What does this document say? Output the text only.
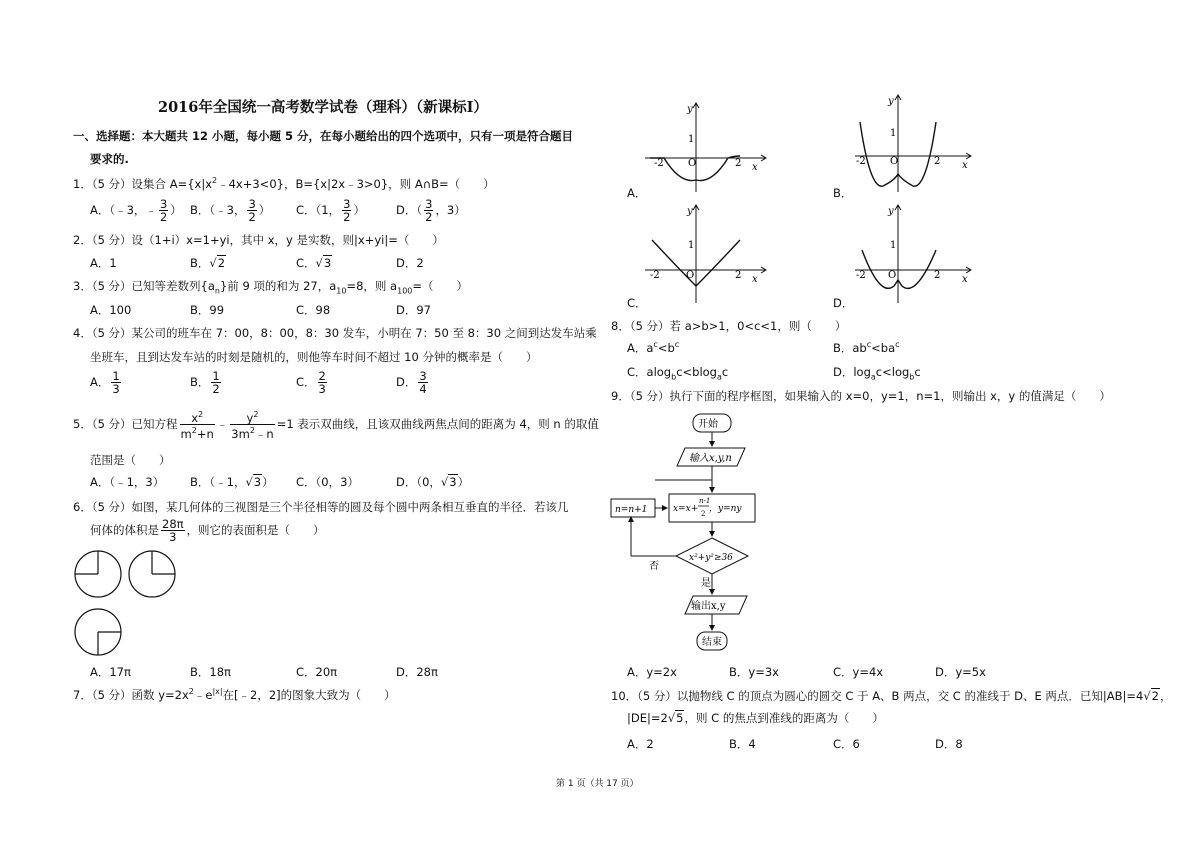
2016年全国统一高考数学试卷（理科）（新课标Ⅰ）
一、选择题：本大题共 12 小题，每小题 5 分，在每小题给出的四个选项中，只有一项是符合题目
要求的.
1．（5 分）设集合 $A=\{x|x^2﹣4x+3<0\}$，B={x|2x﹣3>0}，则 A∩B=（　　）
A．（﹣3，﹣ $\frac{3}{2}$ ） B．（﹣3， $\frac{3}{2}$ ） C．（1， $\frac{3}{2}$ ）	D．（ $\frac{3}{2}$ ，3）
2．（5 分）设（1+i）x=1+yi，其中 x，y 是实数，则|x+yi|=（　　）
A．1	B．√2	C．√3	D．2
3．（5 分）已知等差数列$\{a_n\}$前 9 项的和为 27，$a_{10}=8$，则 $a_{100}=$（　　）
A．100	B．99	C．98	D．97
4．（5 分）某公司的班车在 7：00，8：00，8：30 发车，小明在 7：50 至 8：30 之间到达发车站乘
坐班车，且到达发车站的时刻是随机的，则他等车时间不超过 10 分钟的概率是（　　）
A． $\frac{1}{3}$	B． $\frac{1}{2}$	C． $\frac{2}{3}$	D． $\frac{3}{4}$
5．（5 分）已知方程 $\frac{x^2}{m^2+n}$ ﹣ $\frac{y^2}{3m^2﹣n} =1$ 表示双曲线，且该双曲线两焦点间的距离为 4，则 n 的取值
范围是（　　）
A．（﹣1，3） B．（﹣1，√3） C．（0，3）	D．（0，√3）
6．（5 分）如图，某几何体的三视图是三个半径相等的圆及每个圆中两条相互垂直的半径．若该几
何体的体积是 $\frac{28\pi}{3}$ ，则它的表面积是（　　）
A．17π	B．18π	C．20π	D．28π
7．（5 分）函数 $y=2x^2﹣e^{|x|}$在[﹣2，2]的图象大致为（　　）
A．	B．
C．	D．
y
x
O
1
-2	2
y
x
O
1
-2	2
y
x
O
1
-2	2
y
x
O
1
-2	2
8．（5 分）若 a>b>1，0<c<1，则（　　）
A．$a^c<b^c$	B．$ab^c<ba^c$
C．alog$_b$c<blog$_a$c	D．$\log_ac<\log_bc$
9．（5 分）执行下面的程序框图，如果输入的 x=0，y=1，n=1，则输出 x，y 的值满足（　　）
开始
输入x,y,n
x=x+
n-1
2 ，y=ny
n=n+1
x²+y²≥36
否
是
输出x,y
结束
A．y=2x	B．y=3x	C．y=4x	D．y=5x
10．（5 分）以抛物线 C 的顶点为圆心的圆交 C 于 A、B 两点，交 C 的准线于 D、E 两点．已知|AB|=4√2，
|DE|=2√5，则 C 的焦点到准线的距离为（　　）
A．2	B．4	C．6	D．8
第 1 页（共 17 页）
